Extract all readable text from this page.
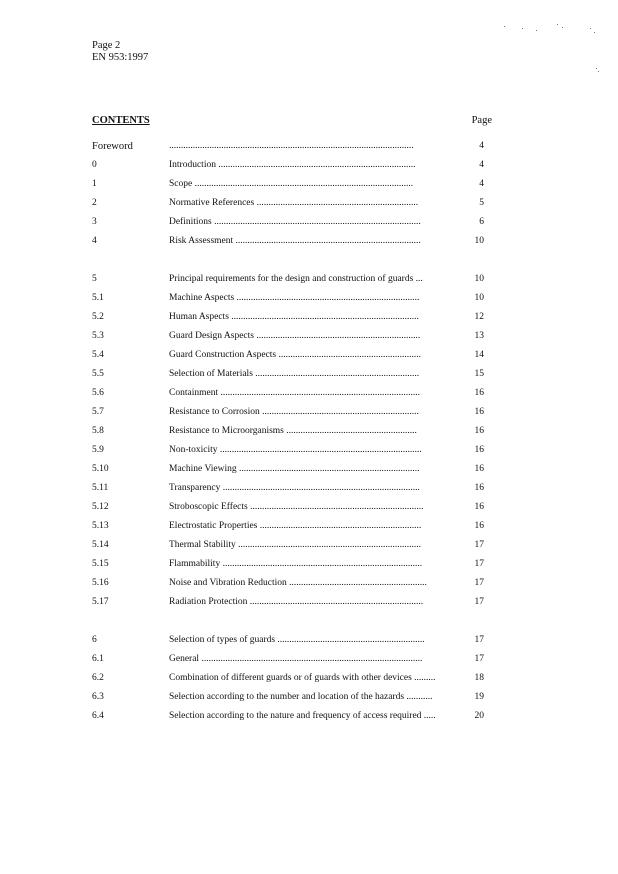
Page 2
EN 953:1997
CONTENTS	Page
Foreword	.......................................................................................................	4
0	Introduction ...................................................................................	4
1	Scope ............................................................................................	4
2	Normative References ....................................................................	5
3	Definitions .......................................................................................	6
4	Risk Assessment ..............................................................................	10
5	Principal requirements for the design and construction of guards ...	10
5.1	Machine Aspects .............................................................................	10
5.2	Human Aspects ...............................................................................	12
5.3	Guard Design Aspects .....................................................................	13
5.4	Guard Construction Aspects ............................................................	14
5.5	Selection of Materials .....................................................................	15
5.6	Containment ....................................................................................	16
5.7	Resistance to Corrosion ..................................................................	16
5.8	Resistance to Microorganisms .......................................................	16
5.9	Non-toxicity .....................................................................................	16
5.10	Machine Viewing ............................................................................	16
5.11	Transparency ...................................................................................	16
5.12	Stroboscopic Effects .........................................................................	16
5.13	Electrostatic Properties ....................................................................	16
5.14	Thermal Stability .............................................................................	17
5.15	Flammability ....................................................................................	17
5.16	Noise and Vibration Reduction ..........................................................	17
5.17	Radiation Protection .........................................................................	17
6	Selection of types of guards ..............................................................	17
6.1	General .............................................................................................	17
6.2	Combination of different guards or of guards with other devices .........	18
6.3	Selection according to the number and location of the hazards ...........	19
6.4	Selection according to the nature and frequency of access required .....	20
